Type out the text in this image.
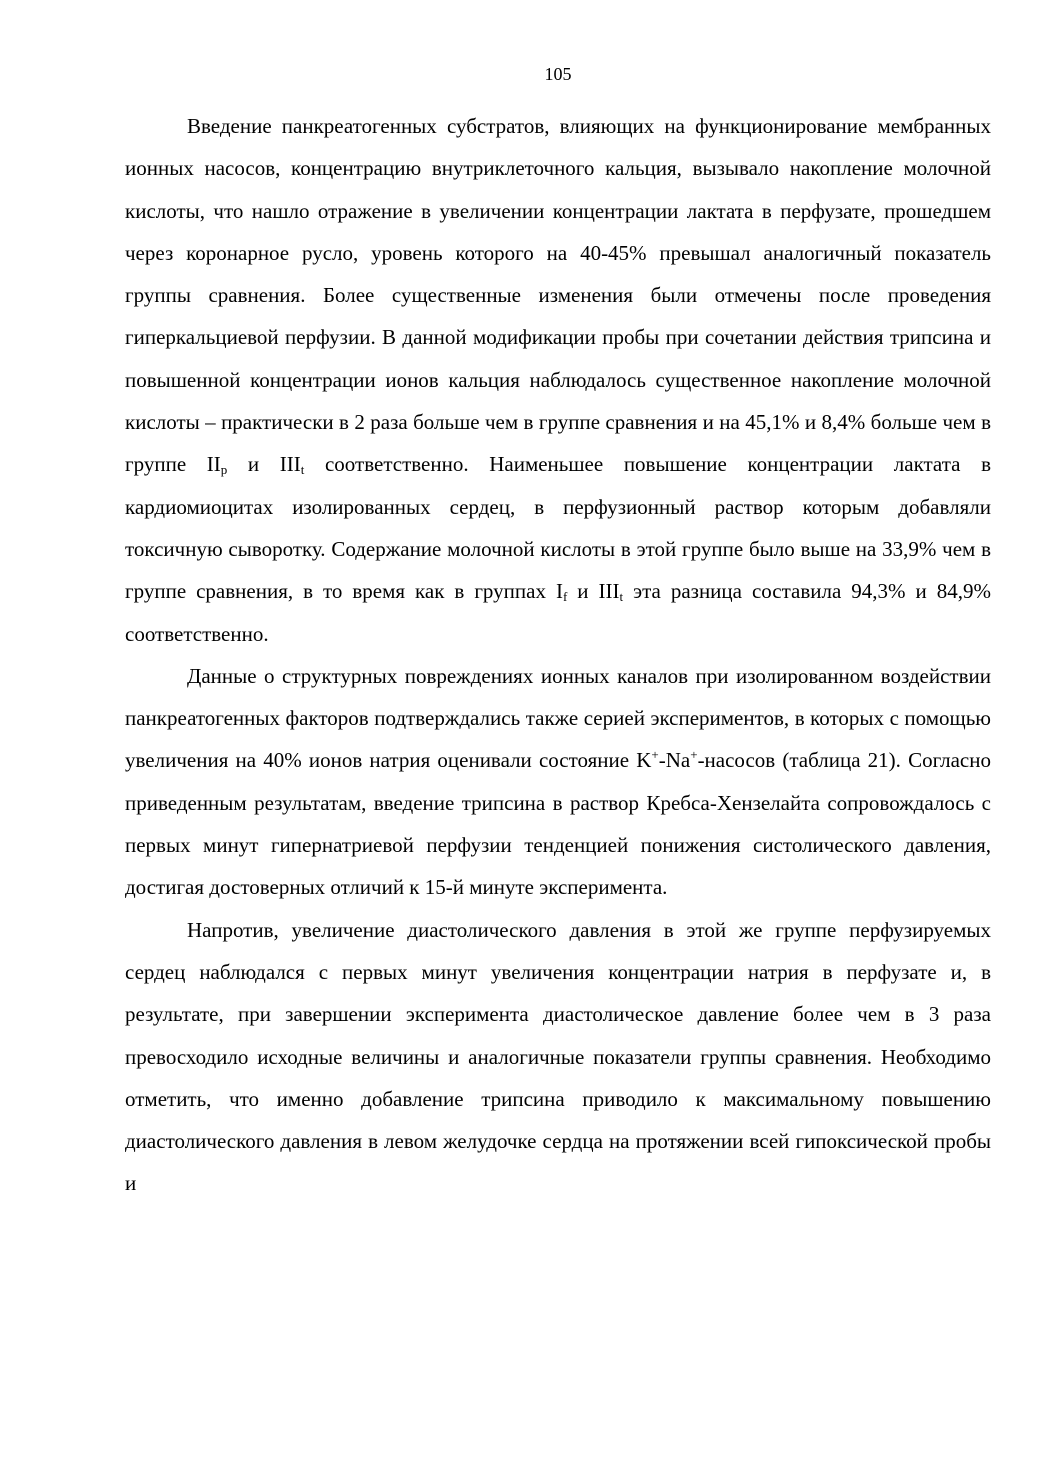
105

Введение панкреатогенных субстратов, влияющих на функционирование мембранных ионных насосов, концентрацию внутриклеточного кальция, вызывало накопление молочной кислоты, что нашло отражение в увеличении концентрации лактата в перфузате, прошедшем через коронарное русло, уровень которого на 40-45% превышал аналогичный показатель группы сравнения. Более существенные изменения были отмечены после проведения гиперкальциевой перфузии. В данной модификации пробы при сочетании действия трипсина и повышенной концентрации ионов кальция наблюдалось существенное накопление молочной кислоты – практически в 2 раза больше чем в группе сравнения и на 45,1% и 8,4% больше чем в группе $II_p$ и $III_t$ соответственно. Наименьшее повышение концентрации лактата в кардиомиоцитах изолированных сердец, в перфузионный раствор которым добавляли токсичную сыворотку. Содержание молочной кислоты в этой группе было выше на 33,9% чем в группе сравнения, в то время как в группах $I_f$ и $III_t$ эта разница составила 94,3% и 84,9% соответственно.

Данные о структурных повреждениях ионных каналов при изолированном воздействии панкреатогенных факторов подтверждались также серией экспериментов, в которых с помощью увеличения на 40% ионов натрия оценивали состояние K+-Na+-насосов (таблица 21). Согласно приведенным результатам, введение трипсина в раствор Кребса-Хензелайта сопровождалось с первых минут гипернатриевой перфузии тенденцией понижения систолического давления, достигая достоверных отличий к 15-й минуте эксперимента.

Напротив, увеличение диастолического давления в этой же группе перфузируемых сердец наблюдался с первых минут увеличения концентрации натрия в перфузате и, в результате, при завершении эксперимента диастолическое давление более чем в 3 раза превосходило исходные величины и аналогичные показатели группы сравнения. Необходимо отметить, что именно добавление трипсина приводило к максимальному повышению диастолического давления в левом желудочке сердца на протяжении всей гипоксической пробы и
